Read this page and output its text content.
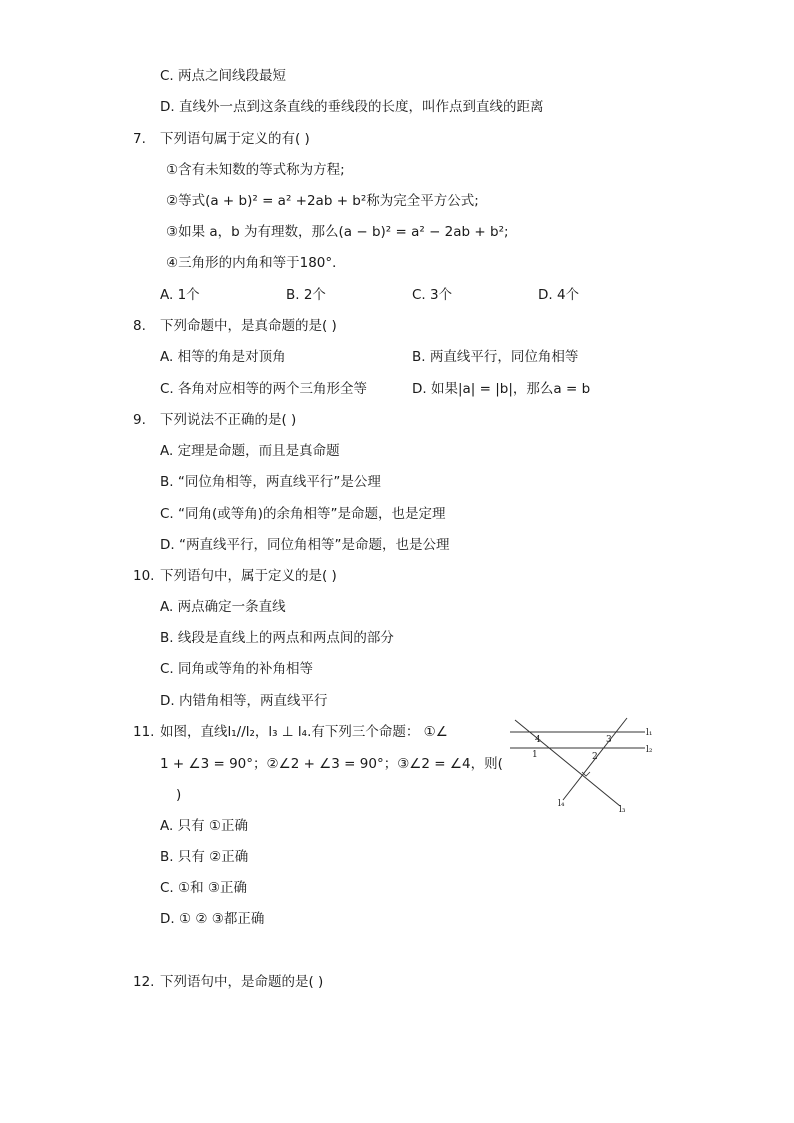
C. 两点之间线段最短
D. 直线外一点到这条直线的垂线段的长度，叫作点到直线的距离
7. 下列语句属于定义的有( )
①含有未知数的等式称为方程;
②等式(a + b)² = a² +2ab + b²称为完全平方公式;
③如果 a，b 为有理数，那么(a − b)² = a² − 2ab + b²;
④三角形的内角和等于180°．
A. 1个	B. 2个	C. 3个	D. 4个
8. 下列命题中，是真命题的是( )
A. 相等的角是对顶角	B. 两直线平行，同位角相等
C. 各角对应相等的两个三角形全等	D. 如果|a| = |b|，那么a = b
9. 下列说法不正确的是( )
A. 定理是命题，而且是真命题
B. “同位角相等，两直线平行”是公理
C. “同角(或等角)的余角相等”是命题，也是定理
D. “两直线平行，同位角相等”是命题，也是公理
10. 下列语句中，属于定义的是( )
A. 两点确定一条直线
B. 线段是直线上的两点和两点间的部分
C. 同角或等角的补角相等
D. 内错角相等，两直线平行
11. 如图，直线l₁//l₂，l₃ ⊥ l₄.有下列三个命题： ①∠
1 + ∠3 = 90°；②∠2 + ∠3 = 90°；③∠2 = ∠4，则(
)
A. 只有 ①正确
B. 只有 ②正确
C. ①和 ③正确
D. ① ② ③都正确
l₁
l₂
l₃
l₄
4
1	2
3
12. 下列语句中，是命题的是( )
